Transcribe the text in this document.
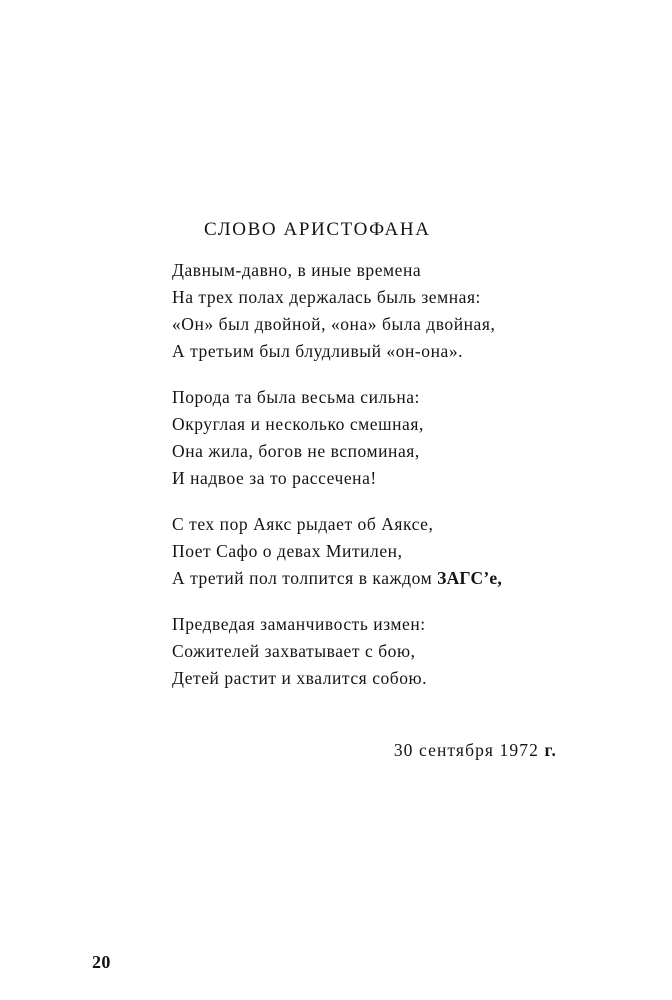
СЛОВО АРИСТОФАНА
Давным-давно, в иные времена
На трех полах держалась быль земная:
«Он» был двойной, «она» была двойная,
А третьим был блудливый «он-она».
Порода та была весьма сильна:
Округлая и несколько смешная,
Она жила, богов не вспоминая,
И надвое за то рассечена!
С тех пор Аякс рыдает об Аяксе,
Поет Сафо о девах Митилен,
А третий пол толпится в каждом ЗАГС’е,
Предведая заманчивость измен:
Сожителей захватывает с бою,
Детей растит и хвалится собою.
30 сентября 1972 г.
20
